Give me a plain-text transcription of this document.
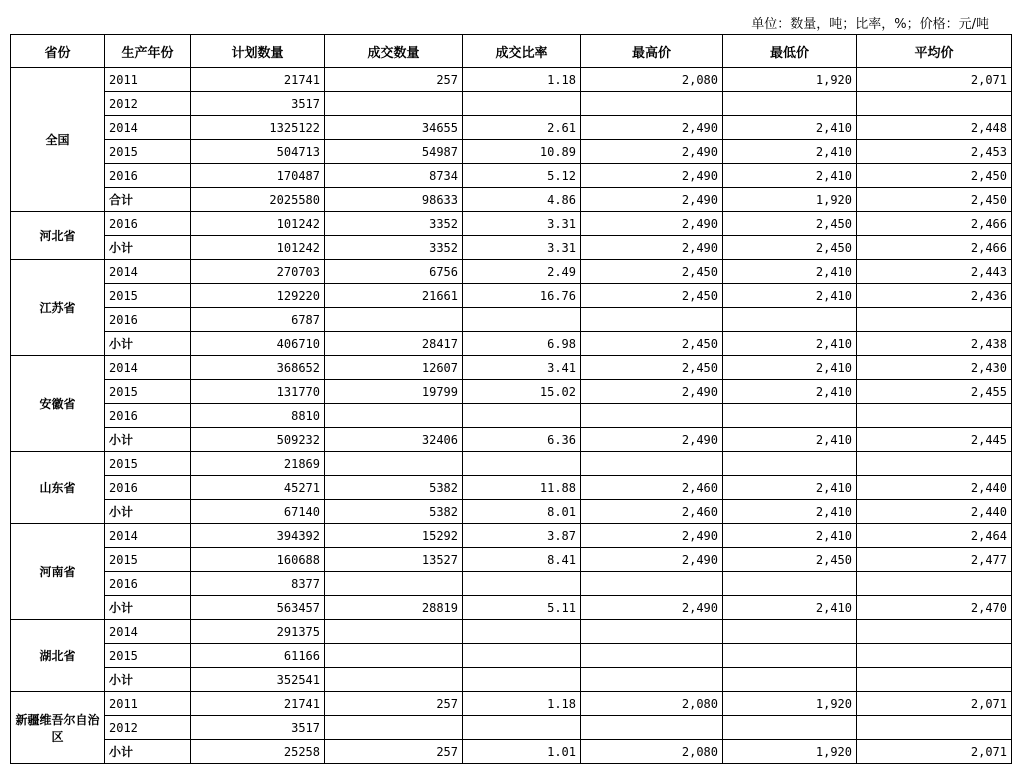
单位：数量，吨；比率，%；价格：元/吨
省份	生产年份	计划数量	成交数量	成交比率	最高价	最低价	平均价
全国	2011	21741	257	1.18	2,080	1,920	2,071
	2012	3517					
	2014	1325122	34655	2.61	2,490	2,410	2,448
	2015	504713	54987	10.89	2,490	2,410	2,453
	2016	170487	8734	5.12	2,490	2,410	2,450
	合计	2025580	98633	4.86	2,490	1,920	2,450
河北省	2016	101242	3352	3.31	2,490	2,450	2,466
	小计	101242	3352	3.31	2,490	2,450	2,466
江苏省	2014	270703	6756	2.49	2,450	2,410	2,443
	2015	129220	21661	16.76	2,450	2,410	2,436
	2016	6787					
	小计	406710	28417	6.98	2,450	2,410	2,438
安徽省	2014	368652	12607	3.41	2,450	2,410	2,430
	2015	131770	19799	15.02	2,490	2,410	2,455
	2016	8810					
	小计	509232	32406	6.36	2,490	2,410	2,445
山东省	2015	21869					
	2016	45271	5382	11.88	2,460	2,410	2,440
	小计	67140	5382	8.01	2,460	2,410	2,440
河南省	2014	394392	15292	3.87	2,490	2,410	2,464
	2015	160688	13527	8.41	2,490	2,450	2,477
	2016	8377					
	小计	563457	28819	5.11	2,490	2,410	2,470
湖北省	2014	291375					
	2015	61166					
	小计	352541					
新疆维吾尔自治区	2011	21741	257	1.18	2,080	1,920	2,071
	2012	3517					
	小计	25258	257	1.01	2,080	1,920	2,071
